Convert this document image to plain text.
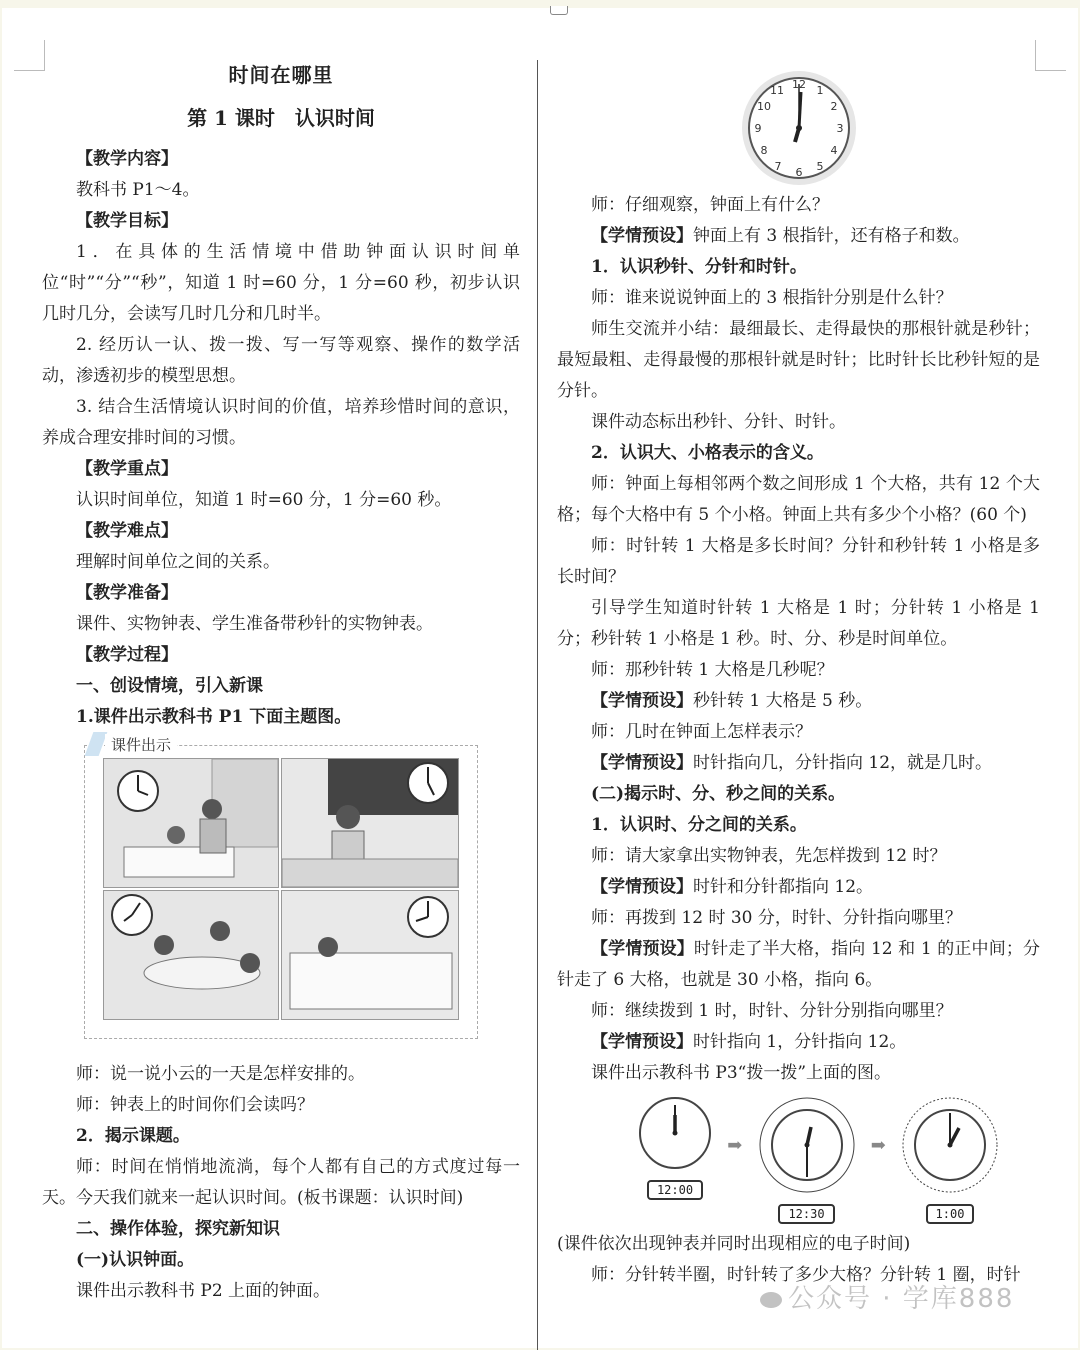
时间在哪里

第 1 课时　认识时间

【教学内容】

教科书 P1～4。

【教学目标】

1．在具体的生活情境中借助钟面认识时间单位“时”“分”“秒”，知道 1 时=60 分，1 分=60 秒，初步认识几时几分，会读写几时几分和几时半。

2. 经历认一认、拨一拨、写一写等观察、操作的数学活动，渗透初步的模型思想。

3. 结合生活情境认识时间的价值，培养珍惜时间的意识，养成合理安排时间的习惯。

【教学重点】

认识时间单位，知道 1 时=60 分，1 分=60 秒。

【教学难点】

理解时间单位之间的关系。

【教学准备】

课件、实物钟表、学生准备带秒针的实物钟表。

【教学过程】

一、创设情境，引入新课

1.课件出示教科书 P1 下面主题图。

课件出示

师：说一说小云的一天是怎样安排的。

师：钟表上的时间你们会读吗？

2．揭示课题。

师：时间在悄悄地流淌，每个人都有自己的方式度过每一天。今天我们就来一起认识时间。(板书课题：认识时间)

二、操作体验，探究新知识

(一)认识钟面。

课件出示教科书 P2 上面的钟面。

12 1
2
3
4
5
6
7
8
9
10
11

师：仔细观察，钟面上有什么？

【学情预设】钟面上有 3 根指针，还有格子和数。

1．认识秒针、分针和时针。

师：谁来说说钟面上的 3 根指针分别是什么针？

师生交流并小结：最细最长、走得最快的那根针就是秒针；最短最粗、走得最慢的那根针就是时针；比时针长比秒针短的是分针。

课件动态标出秒针、分针、时针。

2．认识大、小格表示的含义。

师：钟面上每相邻两个数之间形成 1 个大格，共有 12 个大格；每个大格中有 5 个小格。钟面上共有多少个小格？(60 个)

师：时针转 1 大格是多长时间？分针和秒针转 1 小格是多长时间？

引导学生知道时针转 1 大格是 1 时；分针转 1 小格是 1 分；秒针转 1 小格是 1 秒。时、分、秒是时间单位。

师：那秒针转 1 大格是几秒呢？

【学情预设】秒针转 1 大格是 5 秒。

师：几时在钟面上怎样表示？

【学情预设】时针指向几，分针指向 12，就是几时。

(二)揭示时、分、秒之间的关系。

1．认识时、分之间的关系。

师：请大家拿出实物钟表，先怎样拨到 12 时？

【学情预设】时针和分针都指向 12。

师：再拨到 12 时 30 分，时针、分针指向哪里？

【学情预设】时针走了半大格，指向 12 和 1 的正中间；分针走了 6 大格，也就是 30 小格，指向 6。

师：继续拨到 1 时，时针、分针分别指向哪里？

【学情预设】时针指向 1，分针指向 12。

课件出示教科书 P3“拨一拨”上面的图。

12:00
➡

12:30
➡

1:00

(课件依次出现钟表并同时出现相应的电子时间)

师：分针转半圈，时针转了多少大格？分针转 1 圈，时针

公众号 · 学库888
